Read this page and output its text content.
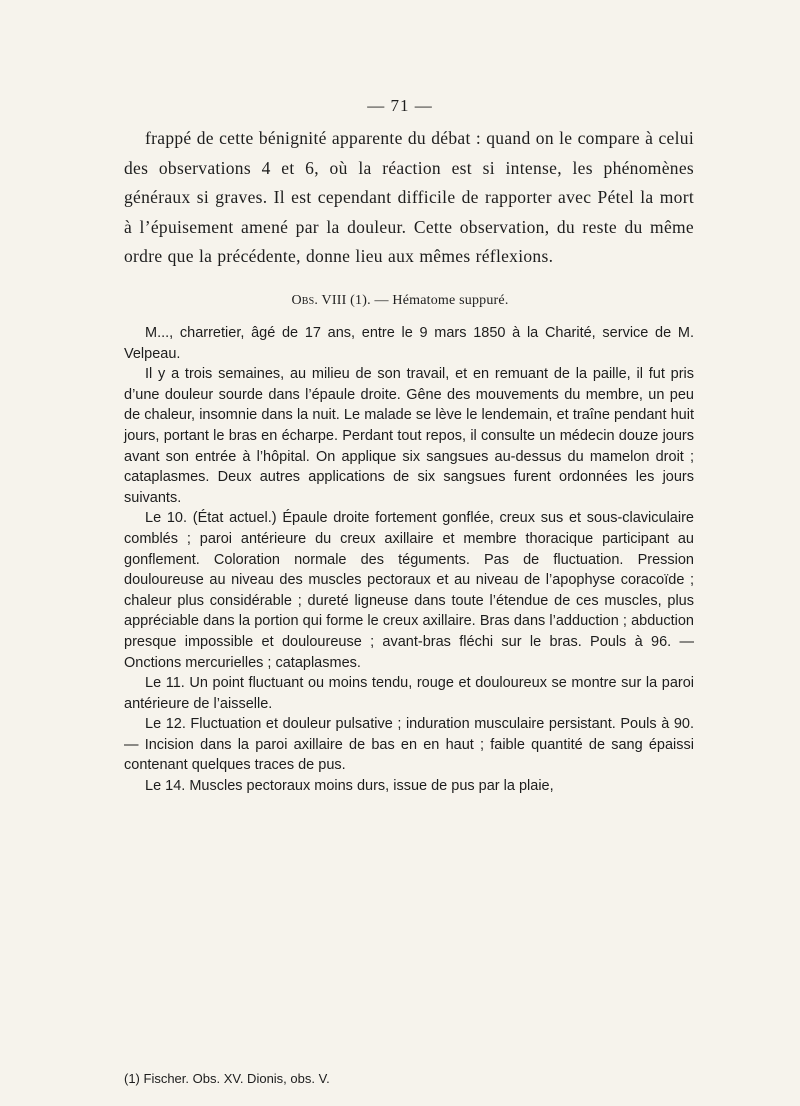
— 71 —

frappé de cette bénignité apparente du débat : quand on le compare à celui des observations 4 et 6, où la réaction est si intense, les phénomènes généraux si graves. Il est cependant difficile de rapporter avec Pétel la mort à l’épuisement amené par la douleur. Cette observation, du reste du même ordre que la précédente, donne lieu aux mêmes réflexions.

Obs. VIII (1). — Hématome suppuré.

M..., charretier, âgé de 17 ans, entre le 9 mars 1850 à la Charité, service de M. Velpeau.

Il y a trois semaines, au milieu de son travail, et en remuant de la paille, il fut pris d’une douleur sourde dans l’épaule droite. Gêne des mouvements du membre, un peu de chaleur, insomnie dans la nuit. Le malade se lève le lendemain, et traîne pendant huit jours, portant le bras en écharpe. Perdant tout repos, il consulte un médecin douze jours avant son entrée à l’hôpital. On applique six sangsues au-dessus du mamelon droit ; cataplasmes. Deux autres applications de six sangsues furent ordonnées les jours suivants.

Le 10. (État actuel.) Épaule droite fortement gonflée, creux sus et sous-claviculaire comblés ; paroi antérieure du creux axillaire et membre thoracique participant au gonflement. Coloration normale des téguments. Pas de fluctuation. Pression douloureuse au niveau des muscles pectoraux et au niveau de l’apophyse coracoïde ; chaleur plus considérable ; dureté ligneuse dans toute l’étendue de ces muscles, plus appréciable dans la portion qui forme le creux axillaire. Bras dans l’adduction ; abduction presque impossible et douloureuse ; avant-bras fléchi sur le bras. Pouls à 96. — Onctions mercurielles ; cataplasmes.

Le 11. Un point fluctuant ou moins tendu, rouge et douloureux se montre sur la paroi antérieure de l’aisselle.

Le 12. Fluctuation et douleur pulsative ; induration musculaire persistant. Pouls à 90. — Incision dans la paroi axillaire de bas en en haut ; faible quantité de sang épaissi contenant quelques traces de pus.

Le 14. Muscles pectoraux moins durs, issue de pus par la plaie,

(1) Fischer. Obs. XV. Dionis, obs. V.
